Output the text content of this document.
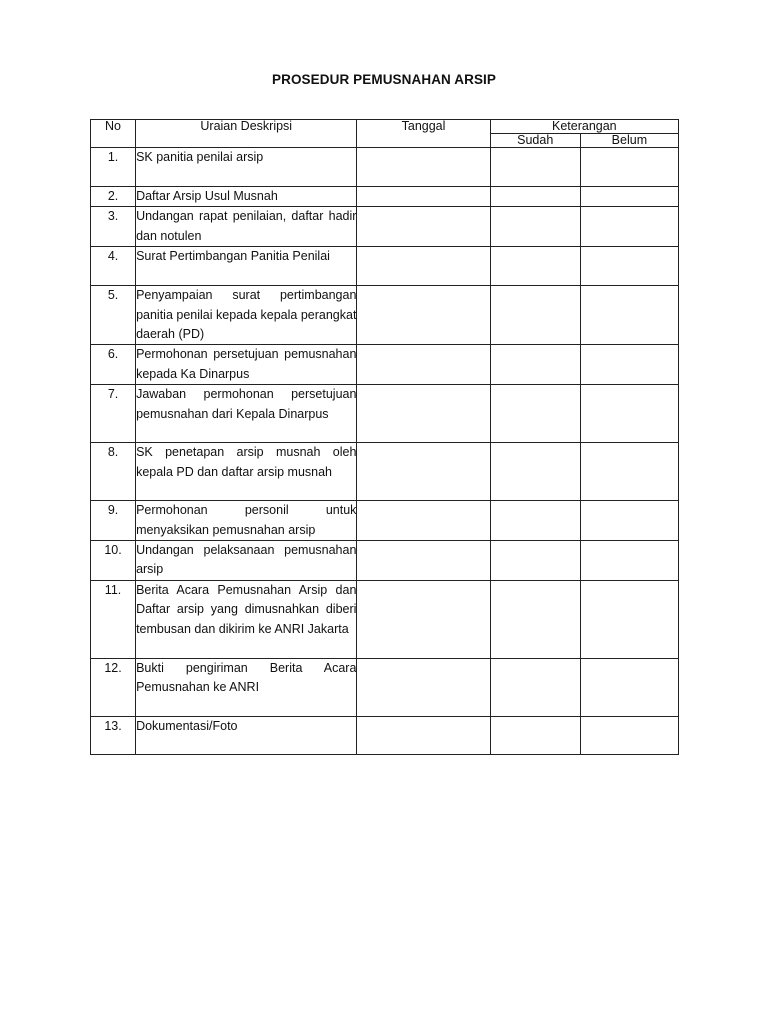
PROSEDUR PEMUSNAHAN ARSIP
No	Uraian Deskripsi	Tanggal	Keterangan	
			Sudah	Belum
1.	SK panitia penilai arsip			
2.	Daftar Arsip Usul Musnah			
3.	Undangan rapat penilaian, daftar hadir dan notulen			
4.	Surat Pertimbangan Panitia Penilai			
5.	Penyampaian surat pertimbangan panitia penilai kepada kepala perangkat daerah (PD)			
6.	Permohonan persetujuan pemusnahan kepada Ka Dinarpus			
7.	Jawaban permohonan persetujuan pemusnahan dari Kepala Dinarpus			
8.	SK penetapan arsip musnah oleh kepala PD dan daftar arsip musnah			
9.	Permohonan personil untuk menyaksikan pemusnahan arsip			
10.	Undangan pelaksanaan pemusnahan arsip			
11.	Berita Acara Pemusnahan Arsip dan Daftar arsip yang dimusnahkan diberi tembusan dan dikirim ke ANRI Jakarta			
12.	Bukti pengiriman Berita Acara Pemusnahan ke ANRI			
13.	Dokumentasi/Foto			
